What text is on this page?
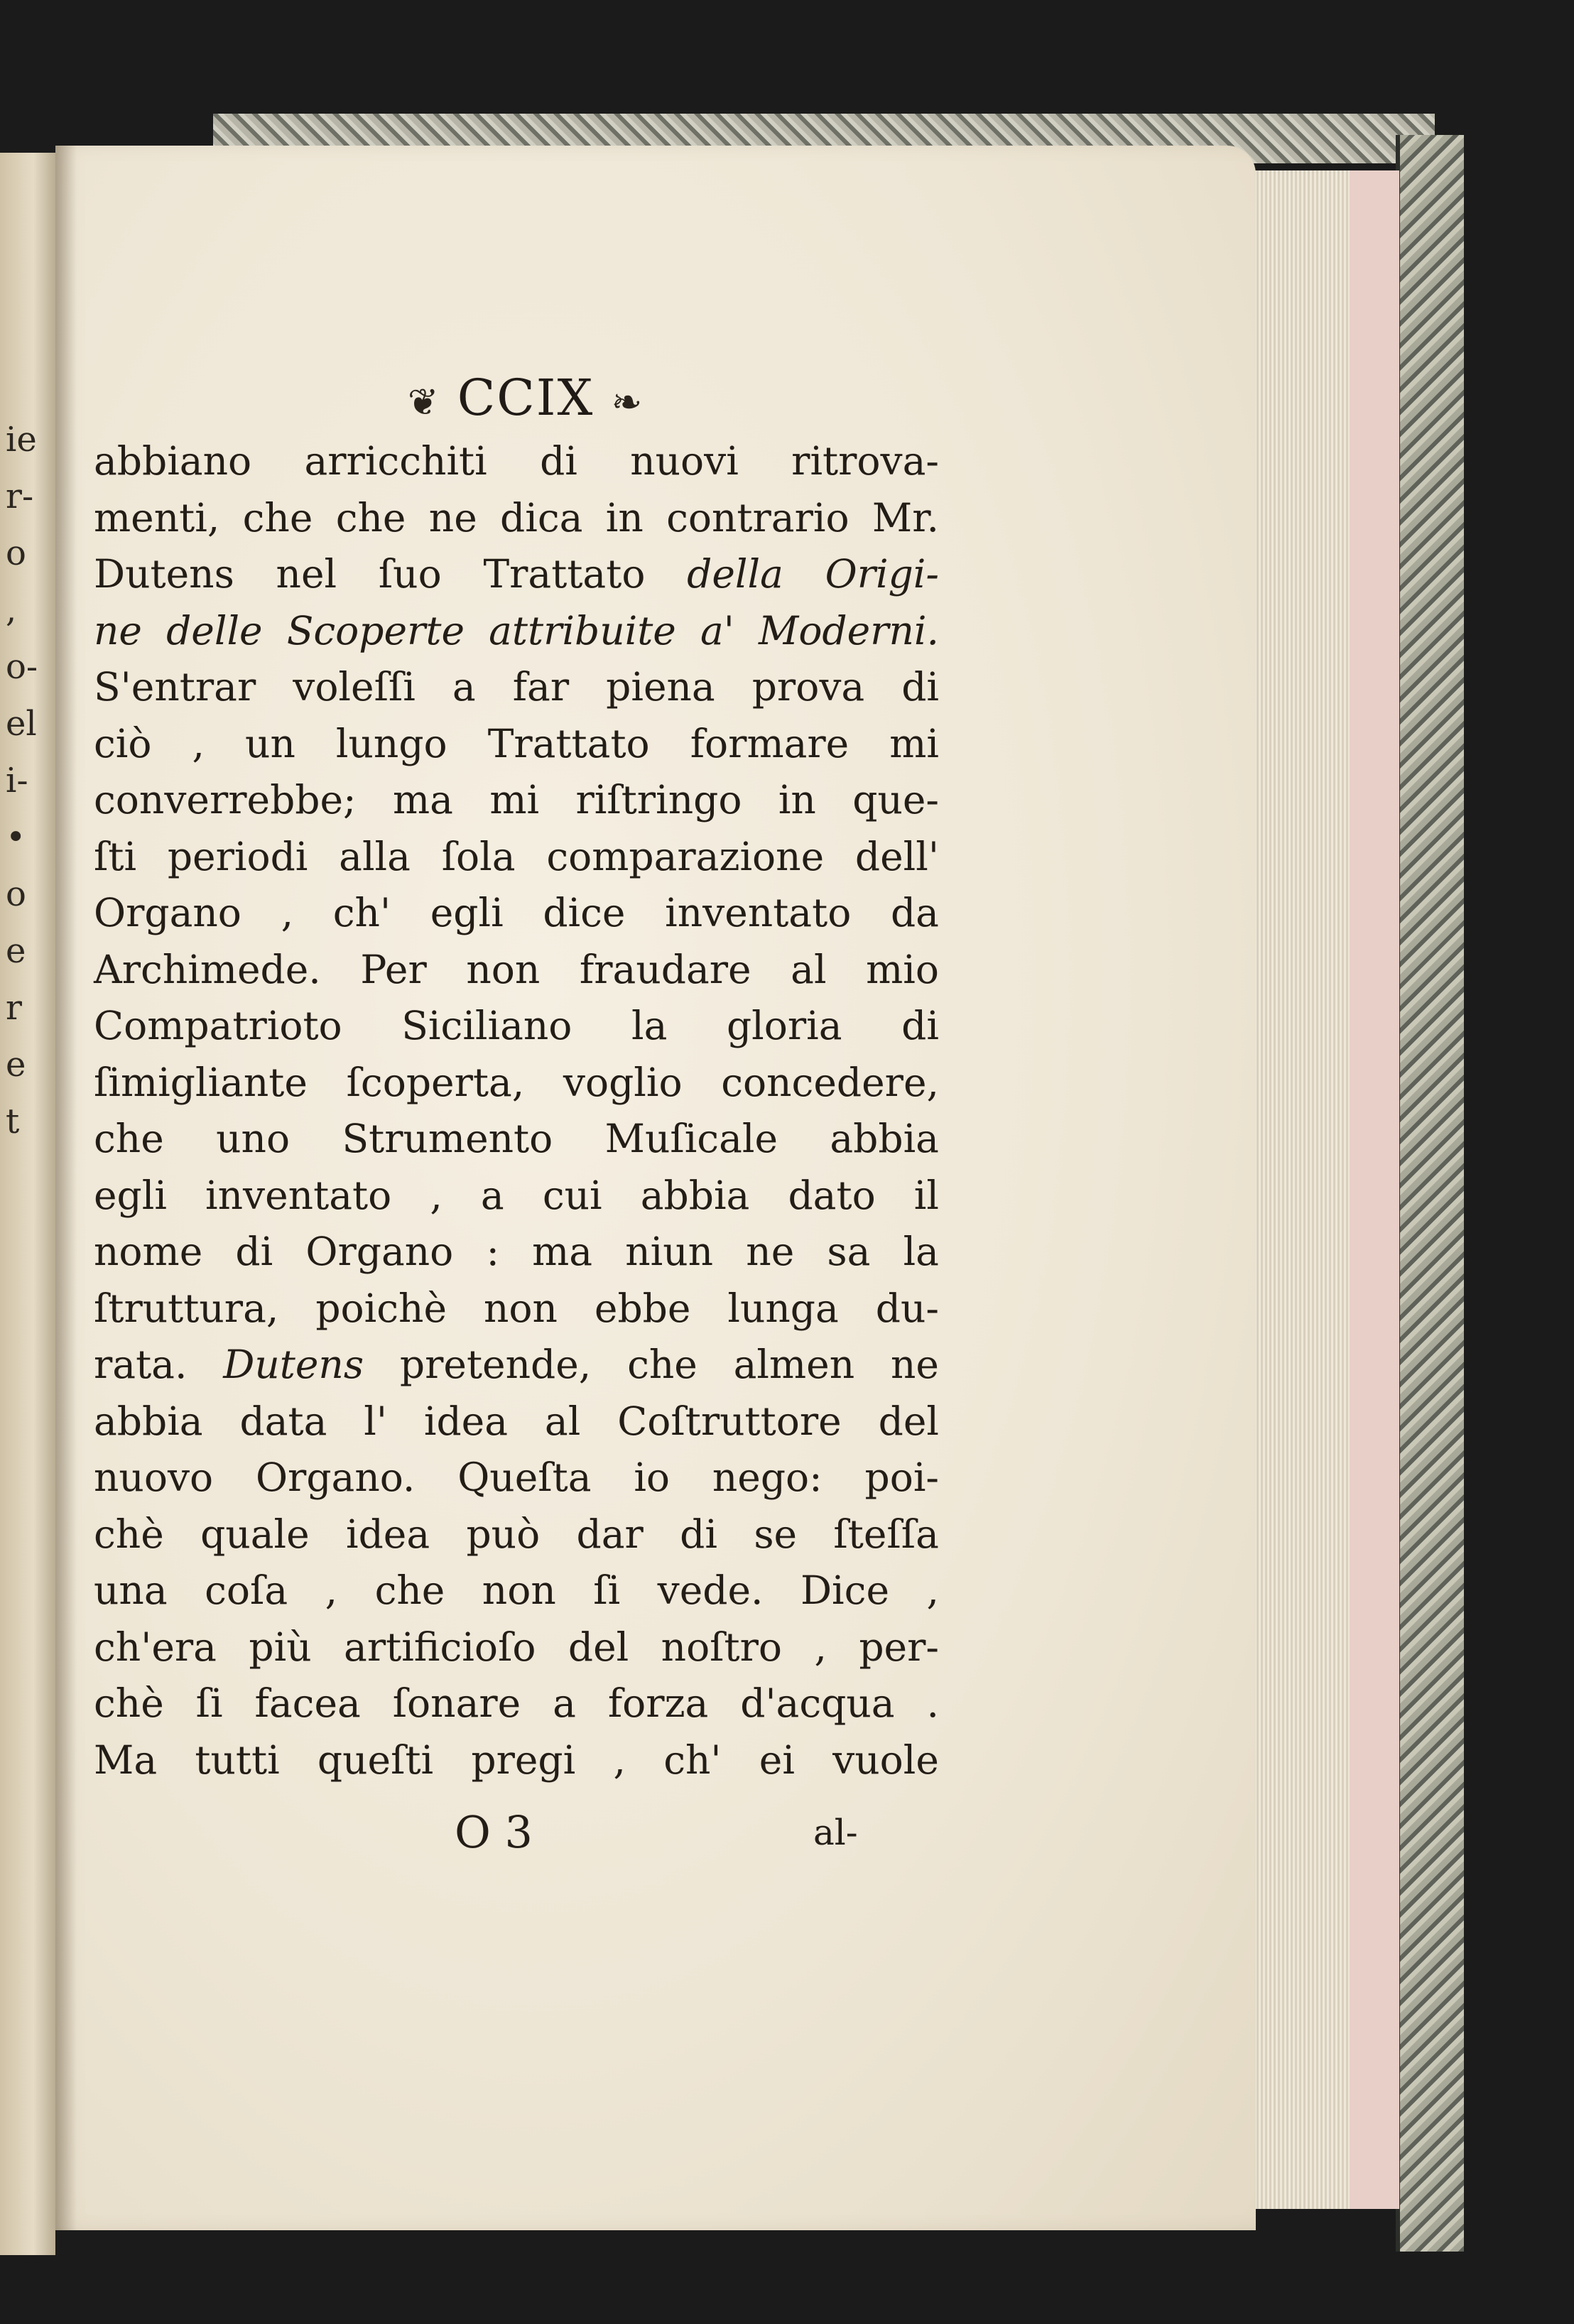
ie
r-
o
,
o-
el
i-
•
o
e
r
e
t
❦ CCIX ❧
abbiano arricchiti di nuovi ritrova-
menti, che che ne dica in contrario Mr.
Dutens nel ſuo Trattato della Origi-
ne delle Scoperte attribuite a' Moderni.
S'entrar voleſſi a far piena prova di
ciò , un lungo Trattato formare mi
converrebbe; ma mi riſtringo in que-
ſti periodi alla ſola comparazione dell'
Organo , ch' egli dice inventato da
Archimede. Per non fraudare al mio
Compatrioto Siciliano la gloria di
ſimigliante ſcoperta, voglio concedere,
che uno Strumento Muſicale abbia
egli inventato , a cui abbia dato il
nome di Organo : ma niun ne sa la
ſtruttura, poichè non ebbe lunga du-
rata. Dutens pretende, che almen ne
abbia data l' idea al Coſtruttore del
nuovo Organo. Queſta io nego: poi-
chè quale idea può dar di se ſteſſa
una coſa , che non ſi vede. Dice ,
ch'era più artificioſo del noſtro , per-
chè ſi facea ſonare a forza d'acqua .
Ma tutti queſti pregi , ch' ei vuole
O 3	al-
